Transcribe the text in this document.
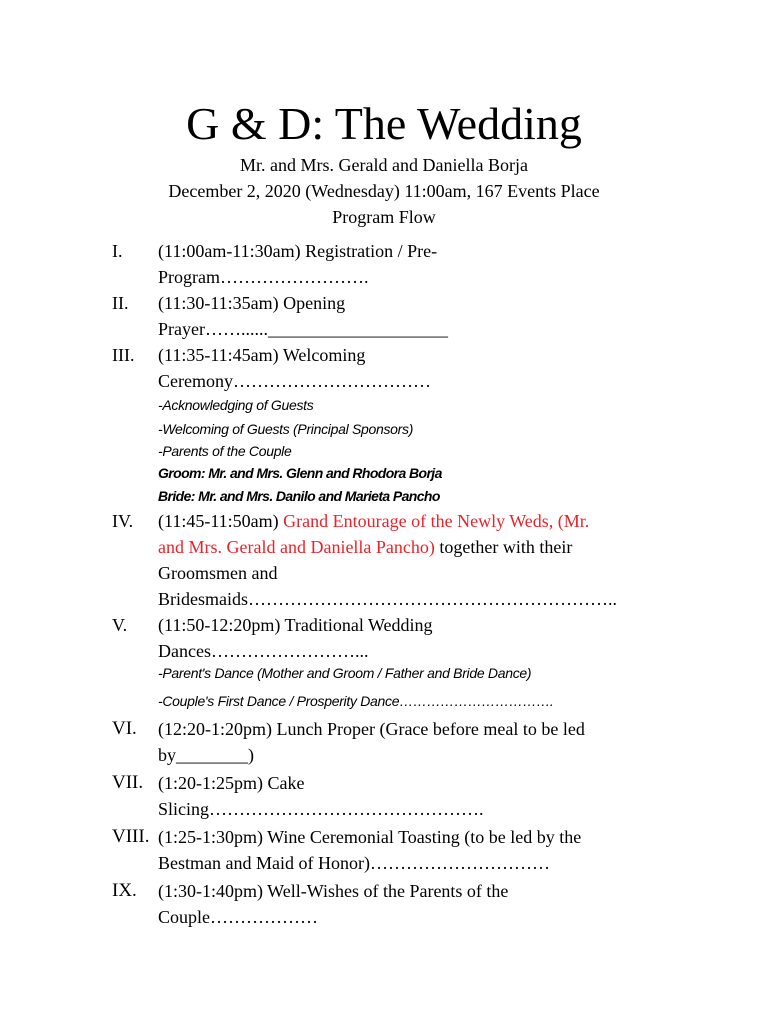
G & D: The Wedding
Mr. and Mrs. Gerald and Daniella Borja
December 2, 2020 (Wednesday) 11:00am, 167 Events Place
Program Flow
I. (11:00am-11:30am) Registration / Pre-
Program…………………….
II. (11:30-11:35am) Opening
Prayer……......____________________
III. (11:35-11:45am) Welcoming
Ceremony……………………………
-Acknowledging of Guests
-Welcoming of Guests (Principal Sponsors)
-Parents of the Couple
Groom: Mr. and Mrs. Glenn and Rhodora Borja
Bride: Mr. and Mrs. Danilo and Marieta Pancho
IV. (11:45-11:50am) Grand Entourage of the Newly Weds, (Mr.
and Mrs. Gerald and Daniella Pancho) together with their
Groomsmen and
Bridesmaids……………………………………………………..
V. (11:50-12:20pm) Traditional Wedding
Dances……………………...
-Parent's Dance (Mother and Groom / Father and Bride Dance)
-Couple's First Dance / Prosperity Dance…………………………….
VI. (12:20-1:20pm) Lunch Proper (Grace before meal to be led
by________)
VII. (1:20-1:25pm) Cake
Slicing……………………………………….
VIII. (1:25-1:30pm) Wine Ceremonial Toasting (to be led by the
Bestman and Maid of Honor)…………………………
IX. (1:30-1:40pm) Well-Wishes of the Parents of the
Couple………………
